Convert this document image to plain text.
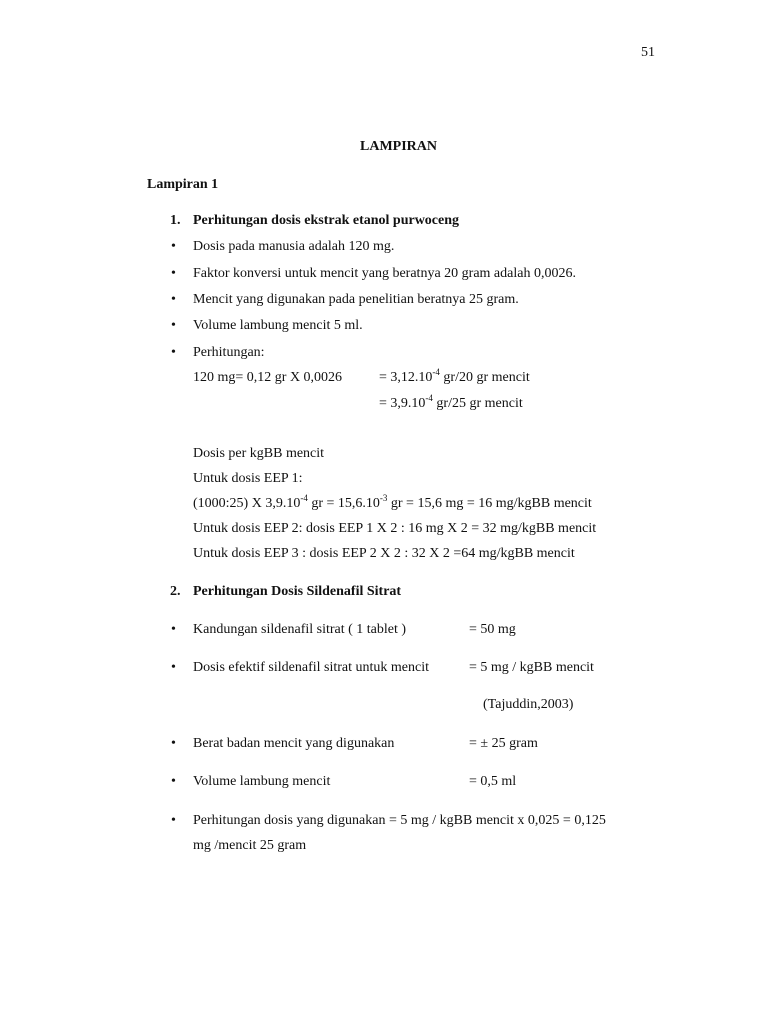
51
LAMPIRAN
Lampiran 1
1. Perhitungan dosis ekstrak etanol purwoceng
• Dosis pada manusia adalah 120 mg.
• Faktor konversi untuk mencit yang beratnya 20 gram adalah 0,0026.
• Mencit yang digunakan pada penelitian beratnya 25 gram.
• Volume lambung mencit 5 ml.
• Perhitungan:
120 mg= 0,12 gr X 0,0026	= $3,12.10^{-4}$ gr/20 gr mencit
= $3,9.10^{-4}$ gr/25 gr mencit
Dosis per kgBB mencit
Untuk dosis EEP 1:
(1000:25) X $3,9.10^{-4}$ gr = $15,6.10^{-3}$ gr = 15,6 mg = 16 mg/kgBB mencit
Untuk dosis EEP 2: dosis EEP 1 X 2 : 16 mg X 2 = 32 mg/kgBB mencit
Untuk dosis EEP 3 : dosis EEP 2 X 2 : 32 X 2 =64 mg/kgBB mencit
2. Perhitungan Dosis Sildenafil Sitrat
• Kandungan sildenafil sitrat ( 1 tablet )	= 50 mg
• Dosis efektif sildenafil sitrat untuk mencit	= 5 mg / kgBB mencit
(Tajuddin,2003)
• Berat badan mencit yang digunakan	= ± 25 gram
• Volume lambung mencit	= 0,5 ml
• Perhitungan dosis yang digunakan = 5 mg / kgBB mencit x 0,025 = 0,125
mg /mencit 25 gram
